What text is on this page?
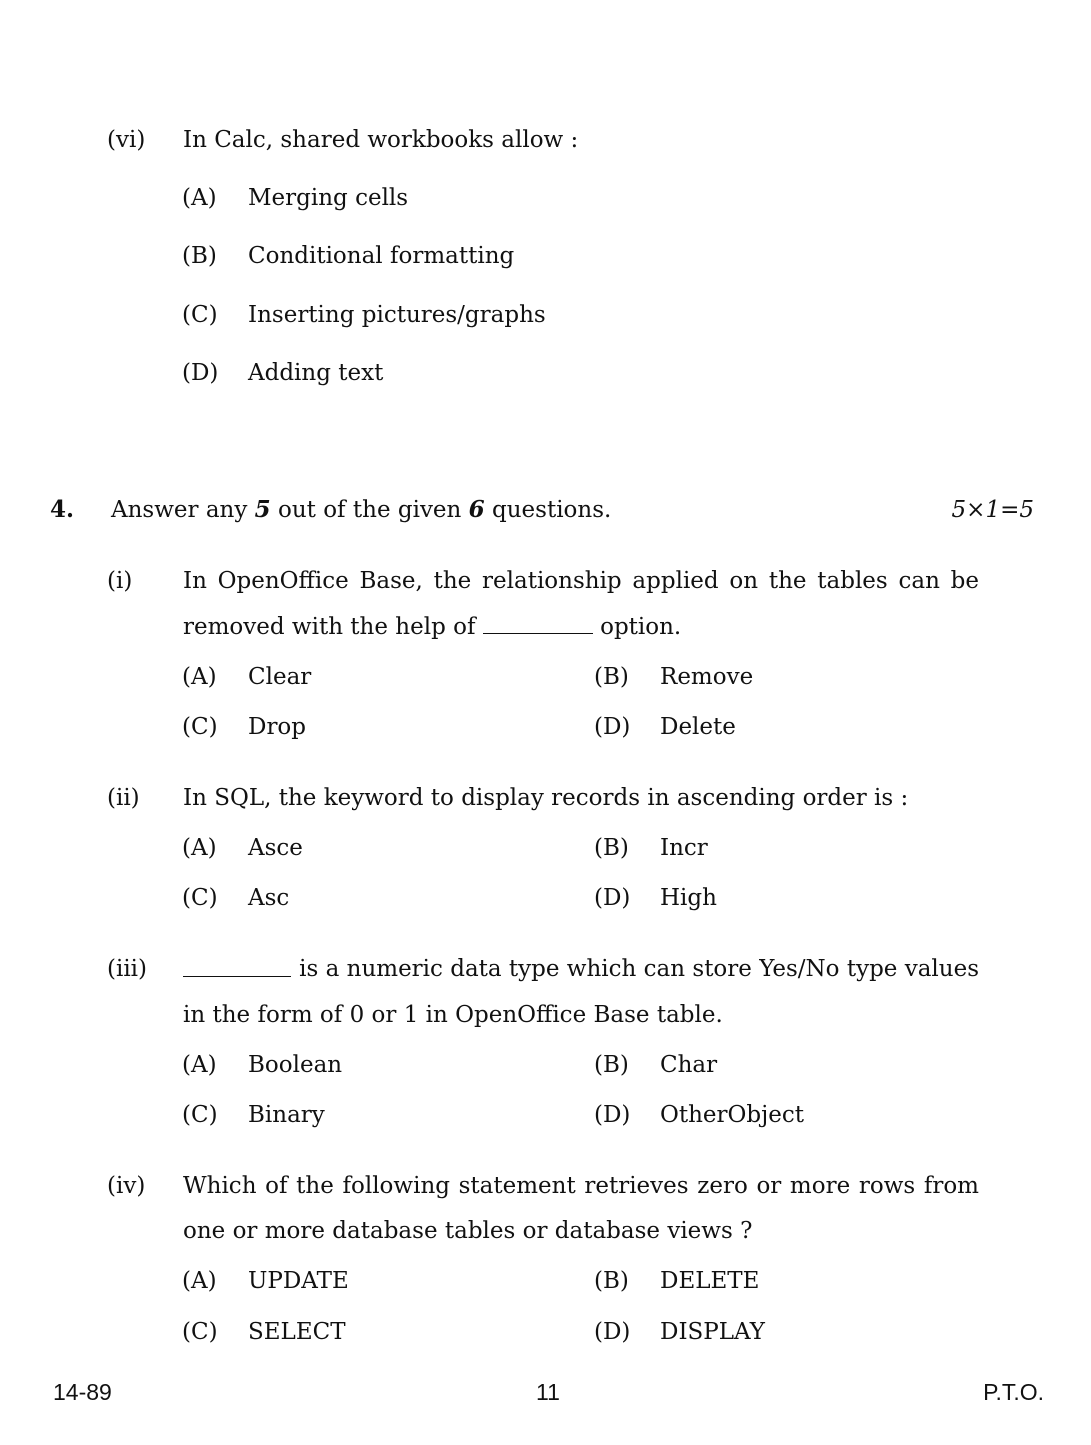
(vi) In Calc, shared workbooks allow :
(A) Merging cells
(B) Conditional formatting
(C) Inserting pictures/graphs
(D) Adding text
4. Answer any 5 out of the given 6 questions.	5×1=5
(i) In OpenOffice Base, the relationship applied on the tables can be
removed with the help of	option.
(A) Clear	(B) Remove
(C) Drop	(D) Delete
(ii) In SQL, the keyword to display records in ascending order is :
(A) Asce	(B) Incr
(C) Asc	(D) High
(iii)	is a numeric data type which can store Yes/No type values
in the form of 0 or 1 in OpenOffice Base table.
(A) Boolean	(B) Char
(C) Binary	(D) OtherObject
(iv) Which of the following statement retrieves zero or more rows from
one or more database tables or database views ?
(A) UPDATE	(B) DELETE
(C) SELECT	(D) DISPLAY
14-89	11	P.T.O.
